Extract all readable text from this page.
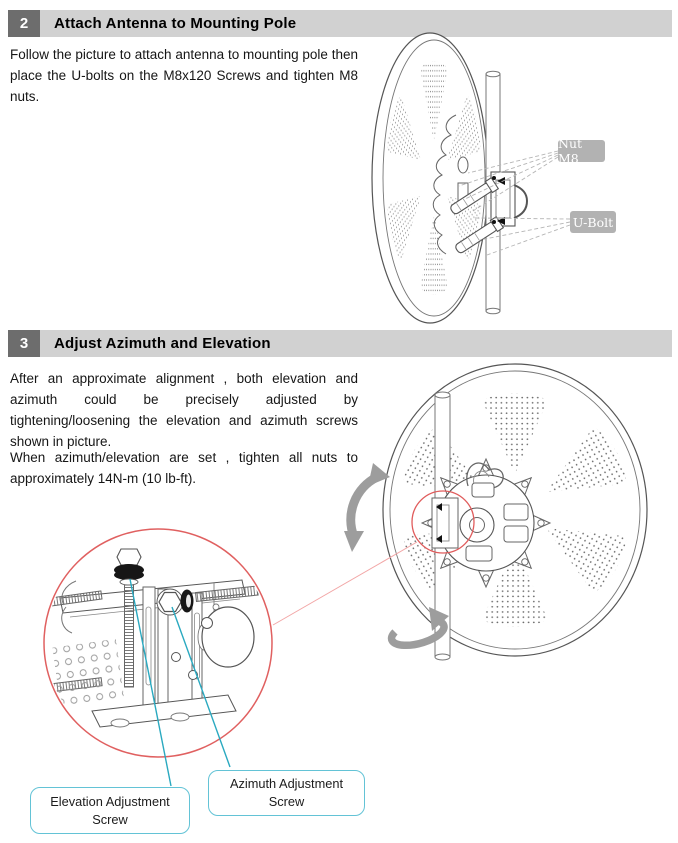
2	Attach Antenna to Mounting Pole

Follow the picture to attach antenna to mounting pole then place the U-bolts on the M8x120 Screws and tighten M8 nuts.

Nut M8
U-Bolt
3	Adjust Azimuth and Elevation

After an approximate alignment , both elevation and azimuth could be precisely adjusted by tightening/loosening the elevation and azimuth screws shown in picture.

When azimuth/elevation are set , tighten all nuts to approximately 14N-m (10 lb-ft).

Elevation Adjustment Screw
Azimuth Adjustment Screw
